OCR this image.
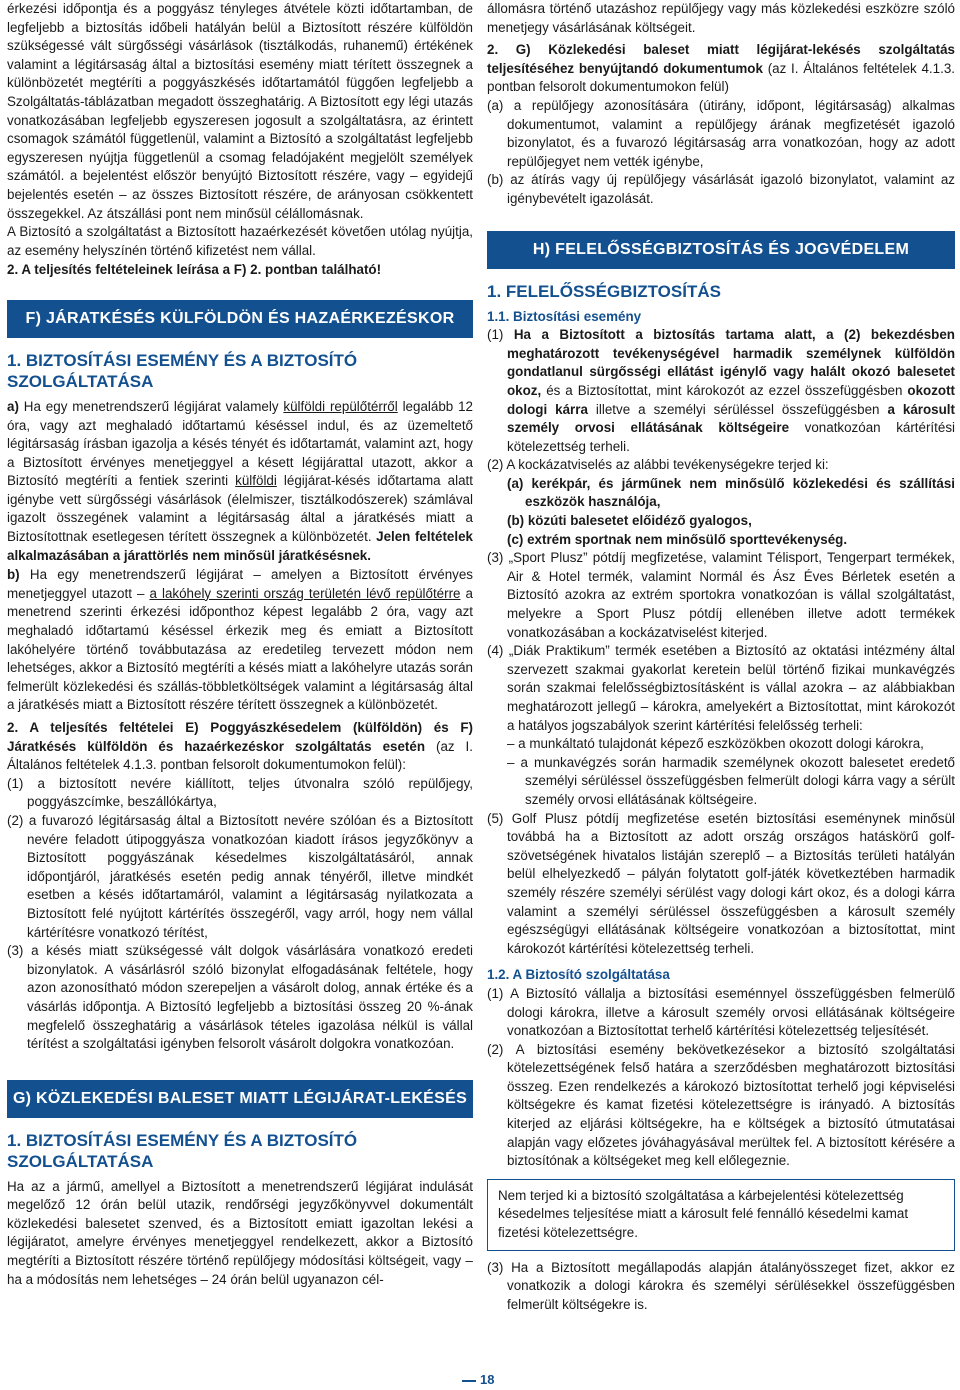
érkezési időpontja és a poggyász tényleges átvétele közti időtartamban, de legfeljebb a biztosítás időbeli hatályán belül a Biztosított részére külföldön szükségessé vált sürgősségi vásárlások (tisztálkodás, ruhanemű) értékének valamint a légitársaság által a biztosítási esemény miatt térített összegnek a különbözetét megtéríti a poggyászkésés időtartamától függően legfeljebb a Szolgáltatás-táblázatban megadott összeghatárig. A Biztosított egy légi utazás vonatkozásában legfeljebb egyszeresen jogosult a szolgáltatásra, az érintett csomagok számától függetlenül, valamint a Biztosító a szolgáltatást legfeljebb egyszeresen nyújtja függetlenül a csomag feladójaként megjelölt személyek számától. a bejelentést először benyújtó Biztosított részére, vagy – egyidejű bejelentés esetén – az összes Biztosított részére, de arányosan csökkentett összegekkel. Az átszállási pont nem minősül célállomásnak.

A Biztosító a szolgáltatást a Biztosított hazaérkezését követően utólag nyújtja, az esemény helyszínén történő kifizetést nem vállal.

2. A teljesítés feltételeinek leírása a F) 2. pontban található!

F) JÁRATKÉSÉS KÜLFÖLDÖN ÉS HAZAÉRKEZÉSKOR
1. BIZTOSÍTÁSI ESEMÉNY ÉS A BIZTOSÍTÓ SZOLGÁLTATÁSA

a) Ha egy menetrendszerű légijárat valamely külföldi repülőtérről legalább 12 óra, vagy azt meghaladó időtartamú késéssel indul, és az üzemeltető légitársaság írásban igazolja a késés tényét és időtartamát, valamint azt, hogy a Biztosított érvényes menetjeggyel a késett légijárattal utazott, akkor a Biztosító megtéríti a fentiek szerinti külföldi légijárat-késés időtartama alatt igénybe vett sürgősségi vásárlások (élelmiszer, tisztálkodószerek) számlával igazolt összegének valamint a légitársaság által a járatkésés miatt a Biztosítottnak esetlegesen térített összegnek a különbözetét. Jelen feltételek alkalmazásában a járattörlés nem minősül járatkésésnek.

b) Ha egy menetrendszerű légijárat – amelyen a Biztosított érvényes menetjeggyel utazott – a lakóhely szerinti ország területén lévő repülőtérre a menetrend szerinti érkezési időponthoz képest legalább 2 óra, vagy azt meghaladó időtartamú késéssel érkezik meg és emiatt a Biztosított lakóhelyére történő továbbutazása az eredetileg tervezett módon nem lehetséges, akkor a Biztosító megtéríti a késés miatt a lakóhelyre utazás során felmerült közlekedési és szállás-többletköltségek valamint a légitársaság által a járatkésés miatt a Biztosított részére térített összegnek a különbözetét.

2. A teljesítés feltételei E) Poggyászkésedelem (külföldön) és F) Járatkésés külföldön és hazaérkezéskor szolgáltatás esetén (az I. Általános feltételek 4.1.3. pontban felsorolt dokumentumokon felül):

(1) a biztosított nevére kiállított, teljes útvonalra szóló repülőjegy, poggyászcímke, beszállókártya,

(2) a fuvarozó légitársaság által a Biztosított nevére szólóan és a Biztosított nevére feladott útipoggyásza vonatkozóan kiadott írásos jegyzőkönyv a Biztosított poggyászának késedelmes kiszolgáltatásáról, annak időpontjáról, járatkésés esetén pedig annak tényéről, illetve mindkét esetben a késés időtartamáról, valamint a légitársaság nyilatkozata a Biztosított felé nyújtott kártérítés összegéről, vagy arról, hogy nem vállal kártérítésre vonatkozó térítést,

(3) a késés miatt szükségessé vált dolgok vásárlására vonatkozó eredeti bizonylatok. A vásárlásról szóló bizonylat elfogadásának feltétele, hogy azon azonosítható módon szerepeljen a vásárolt dolog, annak értéke és a vásárlás időpontja. A Biztosító legfeljebb a biztosítási összeg 20 %-ának megfelelő összeghatárig a vásárlások tételes igazolása nélkül is vállal térítést a szolgáltatási igényben felsorolt vásárolt dolgokra vonatkozóan.

G) KÖZLEKEDÉSI BALESET MIATT LÉGIJÁRAT-LEKÉSÉS
1. BIZTOSÍTÁSI ESEMÉNY ÉS A BIZTOSÍTÓ SZOLGÁLTATÁSA

Ha az a jármű, amellyel a Biztosított a menetrendszerű légijárat indulását megelőző 12 órán belül utazik, rendőrségi jegyzőkönyvvel dokumentált közlekedési balesetet szenved, és a Biztosított emiatt igazoltan lekési a légijáratot, amelyre érvényes menetjeggyel rendelkezett, akkor a Biztosító megtéríti a Biztosított részére történő repülőjegy módosítási költségeit, vagy – ha a módosítás nem lehetséges – 24 órán belül ugyanazon cél-

állomásra történő utazáshoz repülőjegy vagy más közlekedési eszközre szóló menetjegy vásárlásának költségeit.

2. G) Közlekedési baleset miatt légijárat-lekésés szolgáltatás teljesítéséhez benyújtandó dokumentumok (az I. Általános feltételek 4.1.3. pontban felsorolt dokumentumokon felül)

(a) a repülőjegy azonosítására (útirány, időpont, légitársaság) alkalmas dokumentumot, valamint a repülőjegy árának megfizetését igazoló bizonylatot, és a fuvarozó légitársaság arra vonatkozóan, hogy az adott repülőjegyet nem vették igénybe,

(b) az átírás vagy új repülőjegy vásárlását igazoló bizonylatot, valamint az igénybevételt igazolását.

H) FELELŐSSÉGBIZTOSÍTÁS ÉS JOGVÉDELEM
1. FELELŐSSÉGBIZTOSÍTÁS

1.1. Biztosítási esemény

(1) Ha a Biztosított a biztosítás tartama alatt, a (2) bekezdésben meghatározott tevékenységével harmadik személynek külföldön gondatlanul sürgősségi ellátást igénylő vagy halált okozó balesetet okoz, és a Biztosítottat, mint károkozót az ezzel összefüggésben okozott dologi kárra illetve a személyi sérüléssel összefüggésben a károsult személy orvosi ellátásának költségeire vonatkozóan kártérítési kötelezettség terheli.

(2) A kockázatviselés az alábbi tevékenységekre terjed ki:

(a) kerékpár, és járműnek nem minősülő közlekedési és szállítási eszközök használója,

(b) közúti balesetet előidéző gyalogos,

(c) extrém sportnak nem minősülő sporttevékenység.

(3) „Sport Plusz” pótdíj megfizetése, valamint Télisport, Tengerpart termékek, Air & Hotel termék, valamint Normál és Ász Éves Bérletek esetén a Biztosító azokra az extrém sportokra vonatkozóan is vállal szolgáltatást, melyekre a Sport Plusz pótdíj ellenében illetve adott termékek vonatkozásában a kockázatviselést kiterjed.

(4) „Diák Praktikum” termék esetében a Biztosító az oktatási intézmény által szervezett szakmai gyakorlat keretein belül történő fizikai munkavégzés során szakmai felelősségbiztosításként is vállal azokra – az alábbiakban meghatározott jellegű – károkra, amelyekért a Biztosítottat, mint károkozót a hatályos jogszabályok szerint kártérítési felelősség terheli:

– a munkáltató tulajdonát képező eszközökben okozott dologi károkra,

– a munkavégzés során harmadik személynek okozott balesetet eredető személyi sérüléssel összefüggésben felmerült dologi kárra vagy a sérült személy orvosi ellátásának költségeire.

(5) Golf Plusz pótdíj megfizetése esetén biztosítási eseménynek minősül továbbá ha a Biztosított az adott ország országos hatáskörű golf-szövetségének hivatalos listáján szereplő – a Biztosítás területi hatályán belül elhelyezkedő – pályán folytatott golf-játék következtében harmadik személy részére személyi sérülést vagy dologi kárt okoz, és a dologi kárra valamint a személyi sérüléssel összefüggésben a károsult személy egészségügyi ellátásának költségeire vonatkozóan a biztosítottat, mint károkozót kártérítési kötelezettség terheli.

1.2. A Biztosító szolgáltatása

(1) A Biztosító vállalja a biztosítási eseménnyel összefüggésben felmerülő dologi károkra, illetve a károsult személy orvosi ellátásának költségeire vonatkozóan a Biztosítottat terhelő kártérítési kötelezettség teljesítését.

(2) A biztosítási esemény bekövetkezésekor a biztosító szolgáltatási kötelezettségének felső határa a szerződésben meghatározott biztosítási összeg. Ezen rendelkezés a károkozó biztosítottat terhelő jogi képviselési költségekre és kamat fizetési kötelezettségre is irányadó. A biztosítás kiterjed az eljárási költségekre, ha e költségek a biztosító útmutatásai alapján vagy előzetes jóváhagyásával merültek fel. A biztosított kérésére a biztosítónak a költségeket meg kell előlegeznie.

Nem terjed ki a biztosító szolgáltatása a kárbejelentési kötelezettség késedelmes teljesítése miatt a károsult felé fennálló késedelmi kamat fizetési kötelezettségre.

(3) Ha a Biztosított megállapodás alapján átalányösszeget fizet, akkor ez vonatkozik a dologi károkra és személyi sérülésekkel összefüggésben felmerült költségekre is.

18
